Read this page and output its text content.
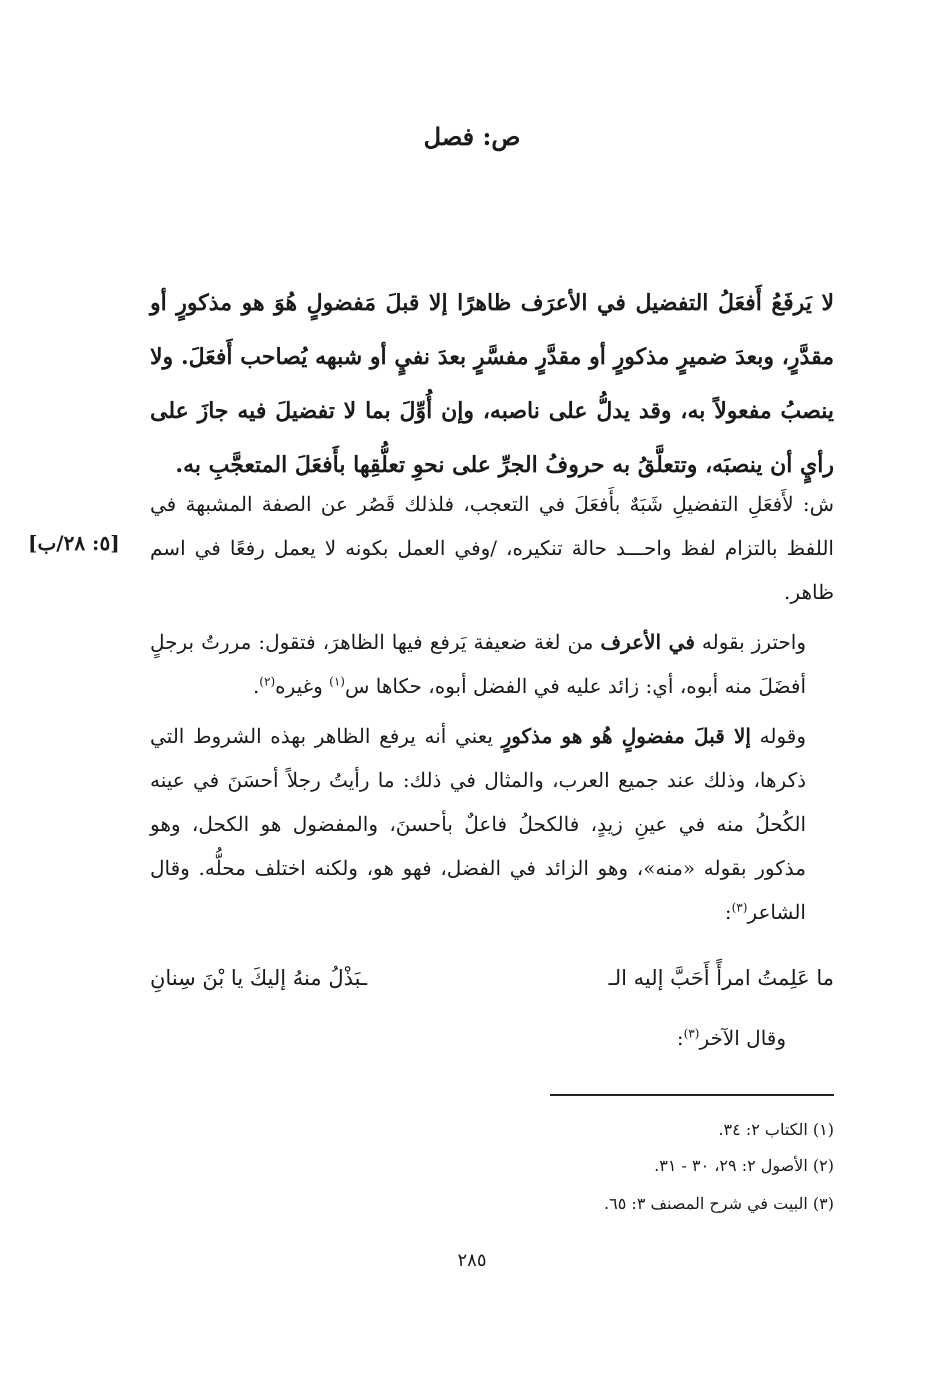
ص: فصل
لا يَرفَعُ أَفعَلُ التفضيل في الأعرَف ظاهرًا إلا قبلَ مَفضولٍ هُوَ هو مذكورٍ أو مقدَّرٍ، وبعدَ ضميرٍ مذكورٍ أو مقدَّرٍ مفسَّرٍ بعدَ نفيٍ أو شبهه يُصاحب أَفعَلَ. ولا ينصبُ مفعولاً به، وقد يدلُّ على ناصبه، وإن أُوِّلَ بما لا تفضيلَ فيه جازَ على رأيٍ أن ينصبَه، وتتعلَّقُ به حروفُ الجرِّ على نحوِ تعلُّقِها بأَفعَلَ المتعجَّبِ به.

ش: لأَفعَلِ التفضيلِ شَبَهٌ بأَفعَلَ في التعجب، فلذلك قَصُر عن الصفة المشبهة في اللفظ بالتزام لفظ واحـــد حالة تنكيره، /وفي العمل بكونه لا يعمل رفعًا في اسم ظاهر.

واحترز بقوله في الأعرف من لغة ضعيفة يَرفع فيها الظاهرَ، فتقول: مررتُ برجلٍ أفضَلَ منه أبوه، أي: زائد عليه في الفضل أبوه، حكاها س$^{(١)}$ وغيره$^{(٢)}$.

وقوله إلا قبلَ مفضولٍ هُو هو مذكورٍ يعني أنه يرفع الظاهر بهذه الشروط التي ذكرها، وذلك عند جميع العرب، والمثال في ذلك: ما رأيتُ رجلاً أحسَنَ في عينه الكُحلُ منه في عينِ زيدٍ، فالكحلُ فاعلٌ بأحسنَ، والمفضول هو الكحل، وهو مذكور بقوله «منه»، وهو الزائد في الفضل، فهو هو، ولكنه اختلف محلُّه. وقال الشاعر$^{(٣)}$:

[٥: ٢٨/ب]
ما عَلِمتُ امرأً أَحَبَّ إليه الـ
ـبَذْلُ منهُ إليكَ يا بْنَ سِنانِ
وقال الآخر$^{(٣)}$:
(١) الكتاب ٢: ٣٤.
(٢) الأصول ٢: ٢٩، ٣٠ - ٣١.
(٣) البيت في شرح المصنف ٣: ٦٥.
٢٨٥
